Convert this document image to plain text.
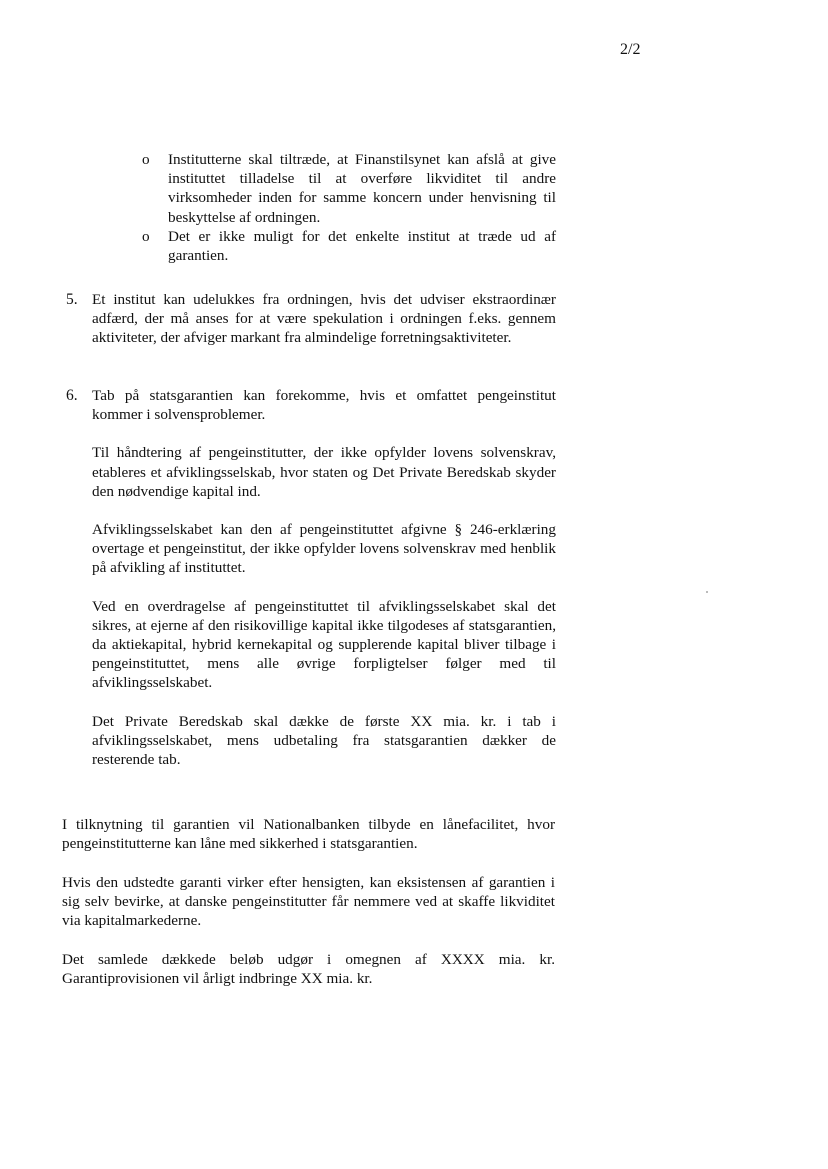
2/2
o Institutterne skal tiltræde, at Finanstilsynet kan afslå at give instituttet tilladelse til at overføre likviditet til andre virksomheder inden for samme koncern under henvisning til beskyttelse af ordningen.
o Det er ikke muligt for det enkelte institut at træde ud af garantien.
5. Et institut kan udelukkes fra ordningen, hvis det udviser ekstraordinær adfærd, der må anses for at være spekulation i ordningen f.eks. gennem aktiviteter, der afviger markant fra almindelige forretningsaktiviteter.
6. Tab på statsgarantien kan forekomme, hvis et omfattet pengeinstitut kommer i solvensproblemer.

Til håndtering af pengeinstitutter, der ikke opfylder lovens solvenskrav, etableres et afviklingsselskab, hvor staten og Det Private Beredskab skyder den nødvendige kapital ind.

Afviklingsselskabet kan den af pengeinstituttet afgivne § 246-erklæring overtage et pengeinstitut, der ikke opfylder lovens solvenskrav med henblik på afvikling af instituttet.

Ved en overdragelse af pengeinstituttet til afviklingsselskabet skal det sikres, at ejerne af den risikovillige kapital ikke tilgodeses af statsgarantien, da aktiekapital, hybrid kernekapital og supplerende kapital bliver tilbage i pengeinstituttet, mens alle øvrige forpligtelser følger med til afviklingsselskabet.

Det Private Beredskab skal dække de første XX mia. kr. i tab i afviklingsselskabet, mens udbetaling fra statsgarantien dækker de resterende tab.

I tilknytning til garantien vil Nationalbanken tilbyde en lånefacilitet, hvor pengeinstitutterne kan låne med sikkerhed i statsgarantien.

Hvis den udstedte garanti virker efter hensigten, kan eksistensen af garantien i sig selv bevirke, at danske pengeinstitutter får nemmere ved at skaffe likviditet via kapitalmarkederne.

Det samlede dækkede beløb udgør i omegnen af XXXX mia. kr. Garantiprovisionen vil årligt indbringe XX mia. kr.
